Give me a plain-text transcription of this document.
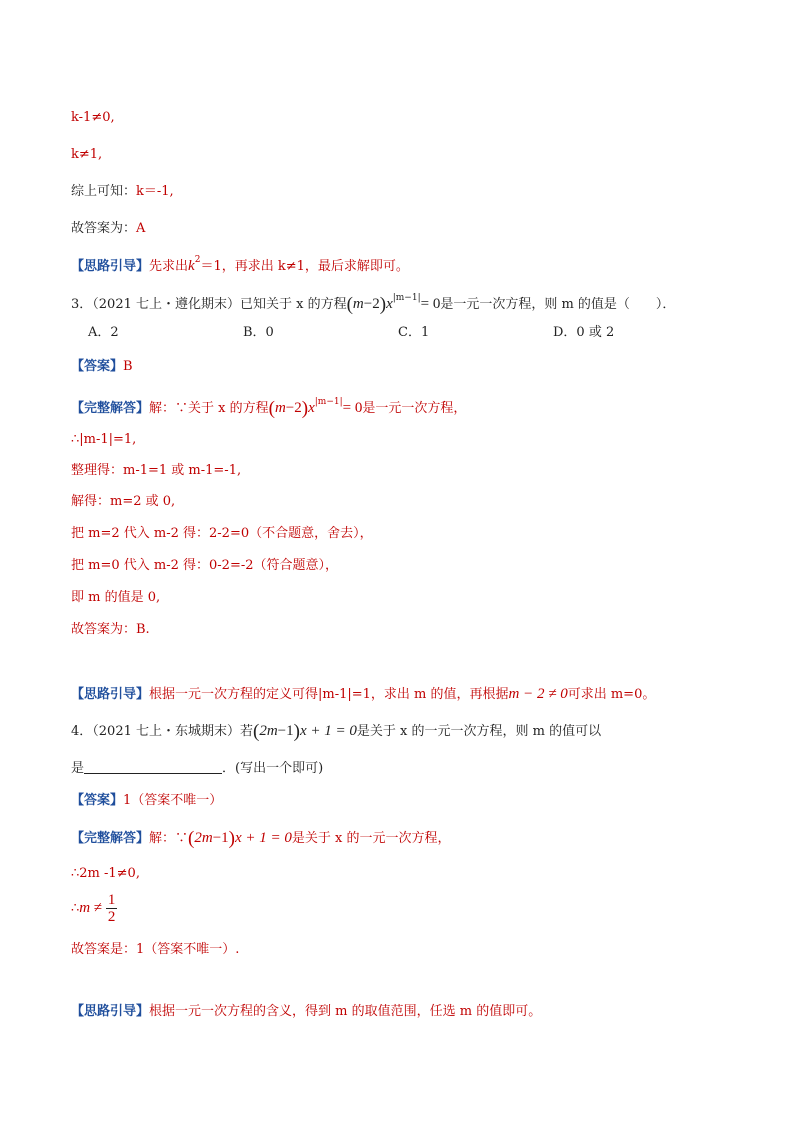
k-1≠0,
k≠1,
综上可知：k＝-1,
故答案为：A
【思路引导】先求出$k^2=1$，再求出 k≠1，最后求解即可。
3．（2021 七上・遵化期末）已知关于 x 的方程$(m-2)x^{|m-1|}= 0$是一元一次方程，则 m 的值是（　　）．
A．2	B．0	C．1	D．0 或 2
【答案】B
【完整解答】解：∵关于 x 的方程$(m-2)x^{|m-1|}= 0$是一元一次方程，
∴|m-1|=1,
整理得：m-1=1 或 m-1=-1,
解得：m=2 或 0,
把 m=2 代入 m-2 得：2-2=0（不合题意，舍去），
把 m=0 代入 m-2 得：0-2=-2（符合题意），
即 m 的值是 0,
故答案为：B.
【思路引导】根据一元一次方程的定义可得|m-1|=1，求出 m 的值，再根据m − 2 ≠ 0可求出 m=0。
4．（2021 七上・东城期末）若(2m−1)x + 1 = 0是关于 x 的一元一次方程，则 m 的值可以
是	．(写出一个即可)
【答案】1（答案不唯一）
【完整解答】解：∵(2m−1)x + 1 = 0是关于 x 的一元一次方程，
∴2m -1≠0,
∴m ≠ $\frac{1}{2}$
故答案是：1（答案不唯一）.
【思路引导】根据一元一次方程的含义，得到 m 的取值范围，任选 m 的值即可。
